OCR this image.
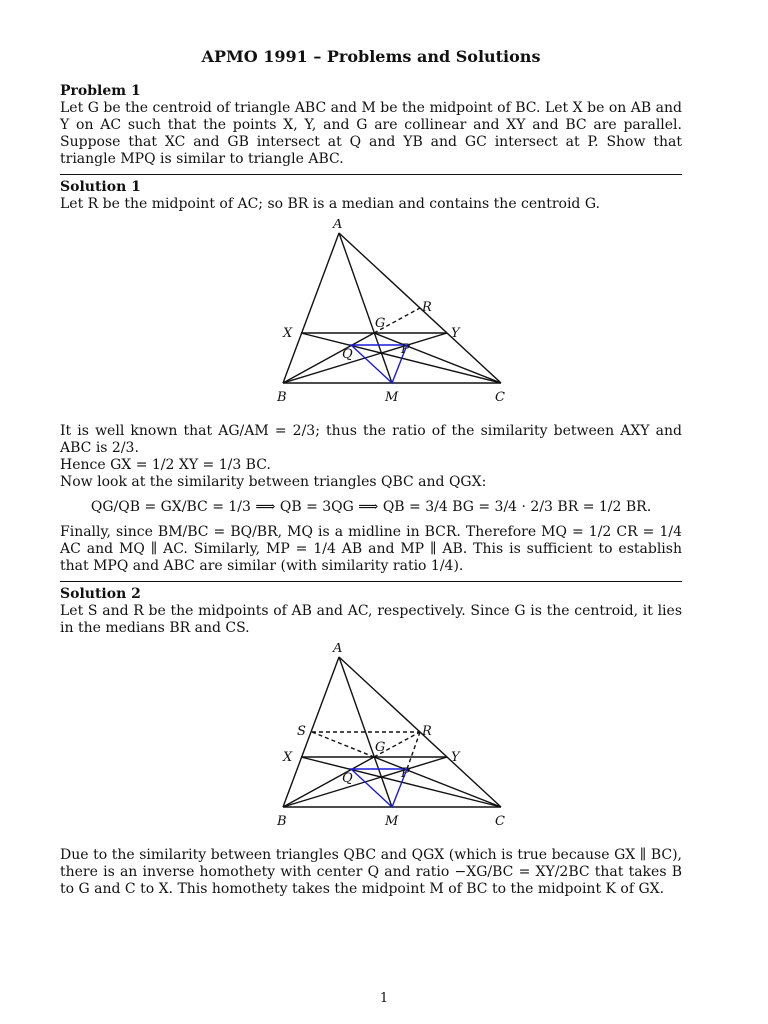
APMO 1991 – Problems and Solutions
Problem 1

Let G be the centroid of triangle ABC and M be the midpoint of BC. Let X be on AB and Y on AC such that the points X, Y, and G are collinear and XY and BC are parallel. Suppose that XC and GB intersect at Q and YB and GC intersect at P. Show that triangle MPQ is similar to triangle ABC.

Solution 1

Let R be the midpoint of AC; so BR is a median and contains the centroid G.

A
B	C
M
X	Y
G
R
Q	P

It is well known that AG/AM = 2/3; thus the ratio of the similarity between AXY and ABC is 2/3.

Hence GX = 1/2 XY = 1/3 BC.

Now look at the similarity between triangles QBC and QGX:

QG/QB = GX/BC = 1/3 ⟹ QB = 3QG ⟹ QB = 3/4 BG = 3/4 · 2/3 BR = 1/2 BR.

Finally, since BM/BC = BQ/BR, MQ is a midline in BCR. Therefore MQ = 1/2 CR = 1/4 AC and MQ ∥ AC. Similarly, MP = 1/4 AB and MP ∥ AB. This is sufficient to establish that MPQ and ABC are similar (with similarity ratio 1/4).

Solution 2

Let S and R be the midpoints of AB and AC, respectively. Since G is the centroid, it lies in the medians BR and CS.

A
B	C
M
X	Y
G
R
S
Q	P

Due to the similarity between triangles QBC and QGX (which is true because GX ∥ BC), there is an inverse homothety with center Q and ratio −XG/BC = XY/2BC that takes B to G and C to X. This homothety takes the midpoint M of BC to the midpoint K of GX.

1
